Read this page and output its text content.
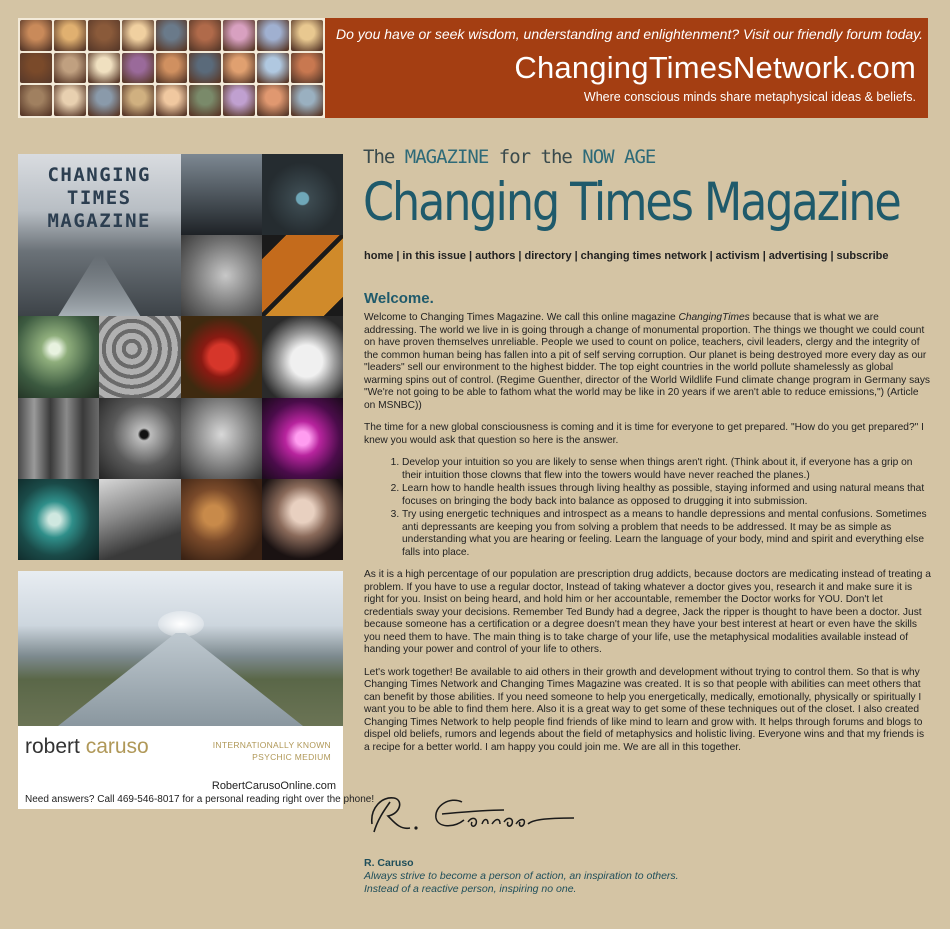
Do you have or seek wisdom, understanding and enlightenment? Visit our friendly forum today.
ChangingTimesNetwork.com
Where conscious minds share metaphysical ideas & beliefs.
CHANGING
TIMES
MAGAZINE
robert caruso	INTERNATIONALLY KNOWN
PSYCHIC MEDIUM
RobertCarusoOnline.com
Need answers? Call 469-546-8017 for a personal reading right over the phone!
The MAGAZINE for the NOW AGE
Changing Times Magazine
home | in this issue | authors | directory | changing times network | activism | advertising | subscribe
Welcome.

Welcome to Changing Times Magazine. We call this online magazine ChangingTimes because that is what we are addressing. The world we live in is going through a change of monumental proportion. The things we thought we could count on have proven themselves unreliable. People we used to count on police, teachers, civil leaders, clergy and the integrity of the common human being has fallen into a pit of self serving corruption. Our planet is being destroyed more every day as our "leaders" sell our environment to the highest bidder. The top eight countries in the world pollute shamelessly as global warming spins out of control. (Regime Guenther, director of the World Wildlife Fund climate change program in Germany says "We're not going to be able to fathom what the world may be like in 20 years if we aren't able to reduce emissions,") (Article on MSNBC))

The time for a new global consciousness is coming and it is time for everyone to get prepared. "How do you get prepared?" I knew you would ask that question so here is the answer.

1. Develop your intuition so you are likely to sense when things aren't right. (Think about it, if everyone has a grip on their intuition those clowns that flew into the towers would have never reached the planes.)
2. Learn how to handle health issues through living healthy as possible, staying informed and using natural means that focuses on bringing the body back into balance as opposed to drugging it into submission.
3. Try using energetic techniques and introspect as a means to handle depressions and mental confusions. Sometimes anti depressants are keeping you from solving a problem that needs to be addressed. It may be as simple as understanding what you are hearing or feeling. Learn the language of your body, mind and spirit and everything else falls into place.

As it is a high percentage of our population are prescription drug addicts, because doctors are medicating instead of treating a problem. If you have to use a regular doctor, Instead of taking whatever a doctor gives you, research it and make sure it is right for you. Insist on being heard, and hold him or her accountable, remember the Doctor works for YOU. Don't let credentials sway your decisions. Remember Ted Bundy had a degree, Jack the ripper is thought to have been a doctor. Just because someone has a certification or a degree doesn't mean they have your best interest at heart or even have the skills you need them to have. The main thing is to take charge of your life, use the metaphysical modalities available instead of handing your power and control of your life to others.

Let's work together! Be available to aid others in their growth and development without trying to control them. So that is why Changing Times Network and Changing Times Magazine was created. It is so that people with abilities can meet others that can benefit by those abilities. If you need someone to help you energetically, medically, emotionally, physically or spiritually I want you to be able to find them here. Also it is a great way to get some of these techniques out of the closet. I also created Changing Times Network to help people find friends of like mind to learn and grow with. It helps through forums and blogs to dispel old beliefs, rumors and legends about the field of metaphysics and holistic living. Everyone wins and that my friends is a recipe for a better world. I am happy you could join me. We are all in this together.

R. Caruso
Always strive to become a person of action, an inspiration to others.
Instead of a reactive person, inspiring no one.
